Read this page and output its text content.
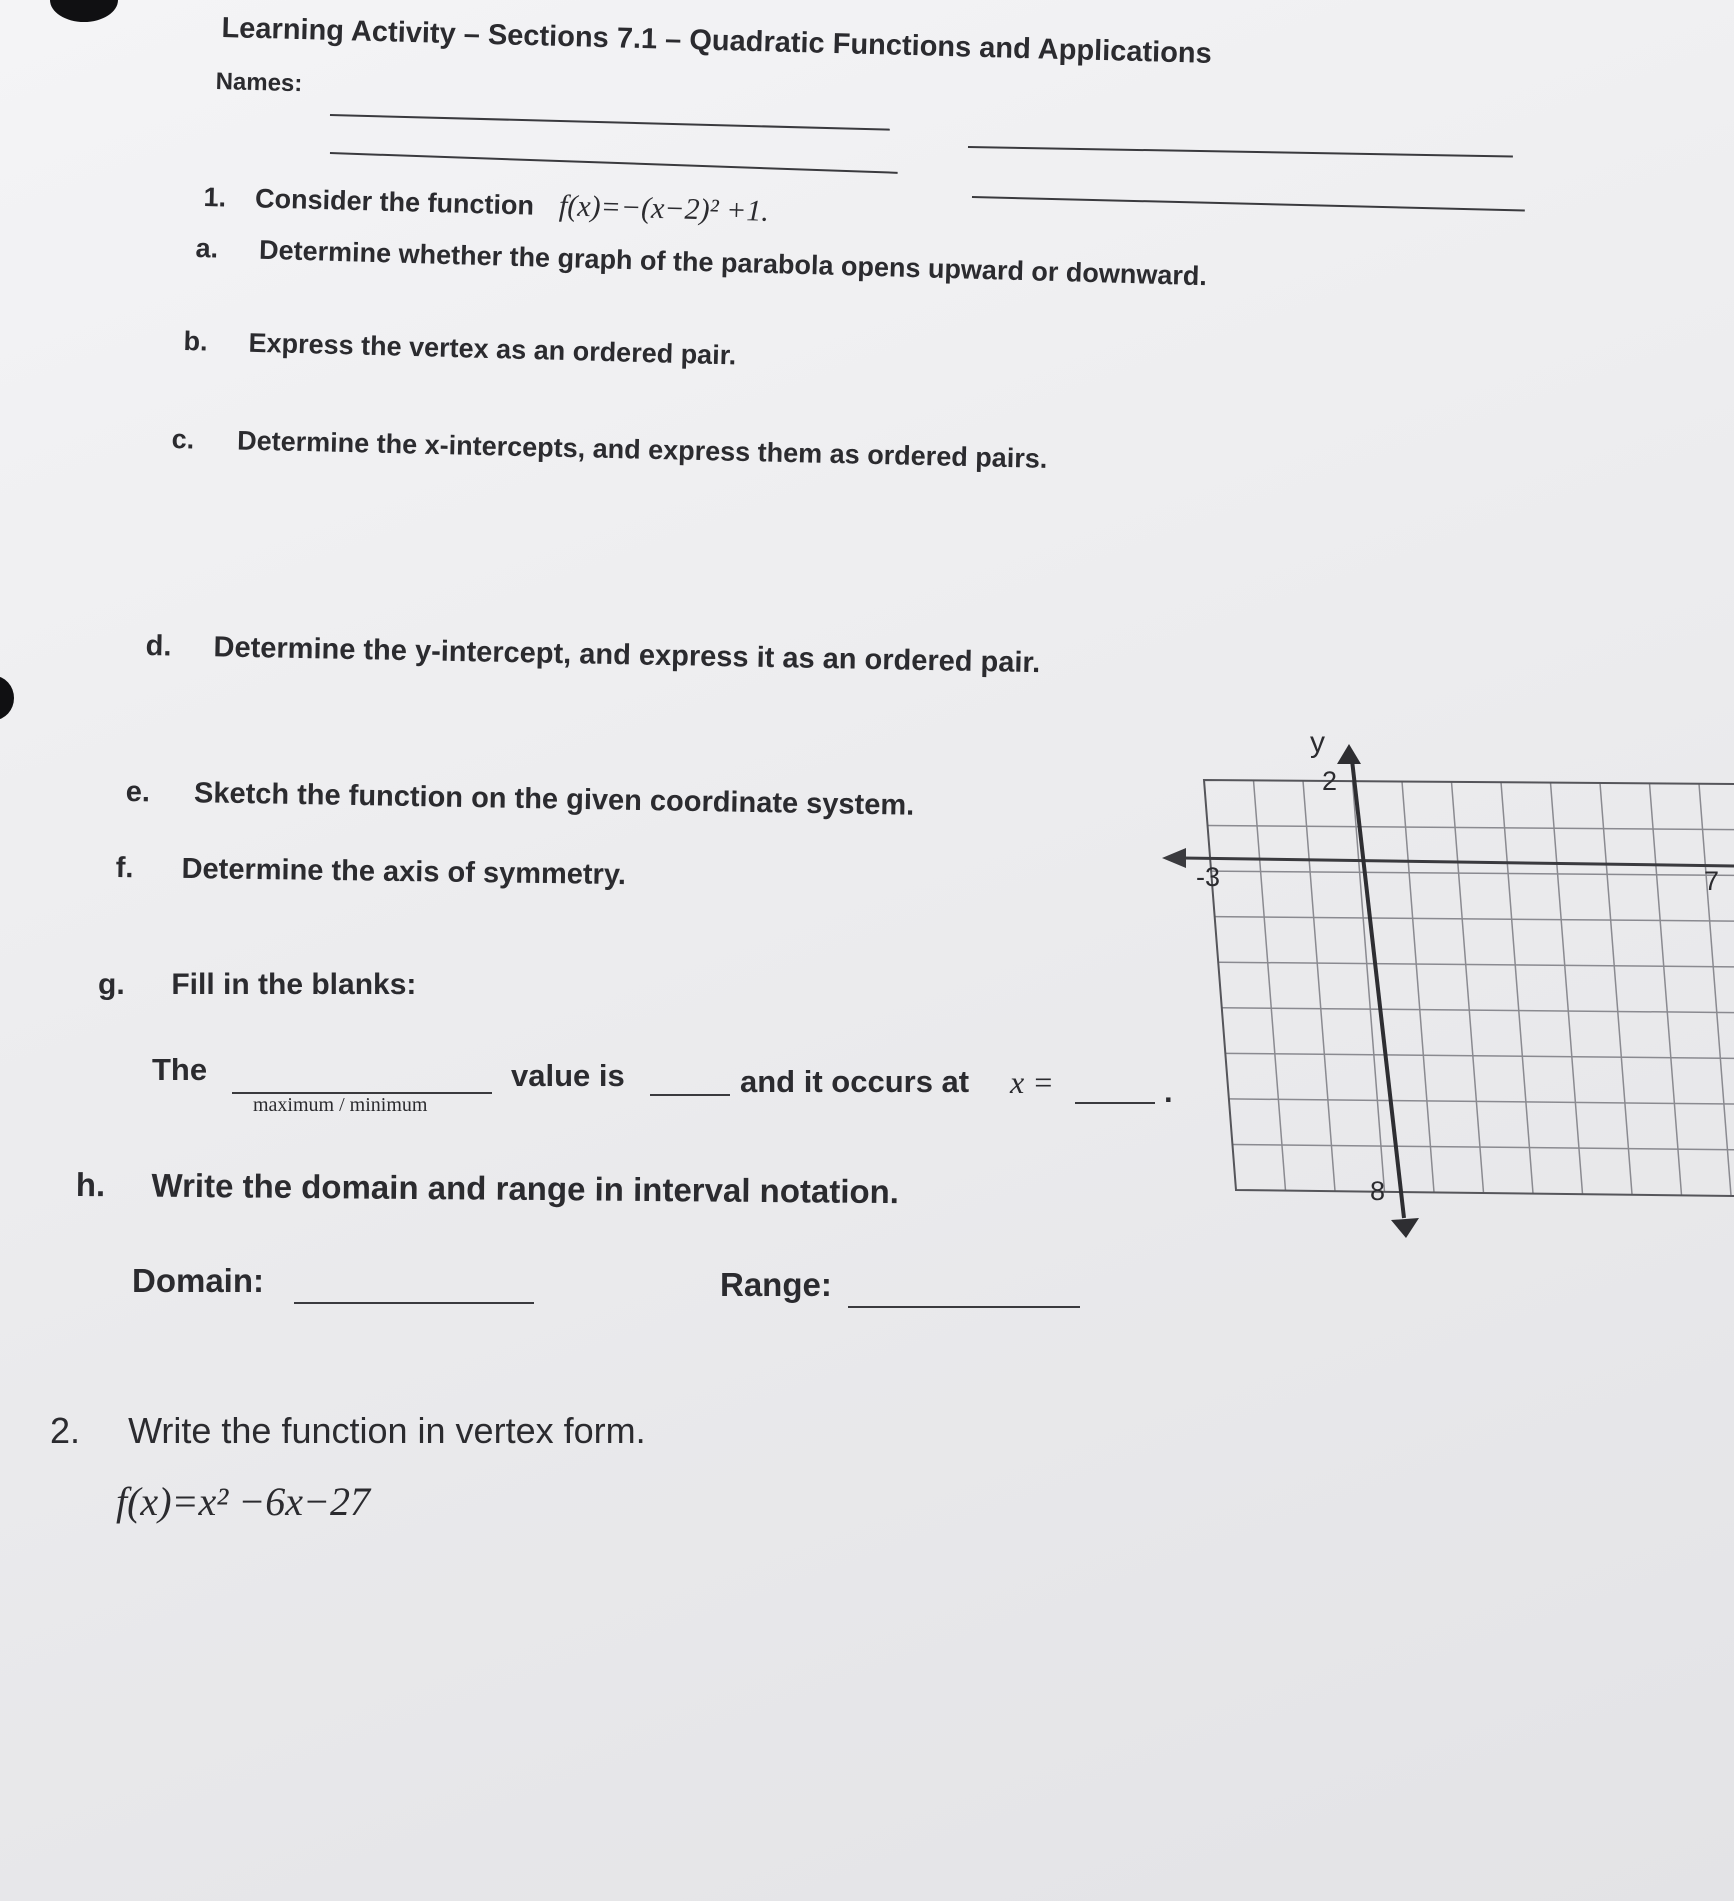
Learning Activity – Sections 7.1 – Quadratic Functions and Applications
Names:
1. Consider the function f(x)=−(x−2)² +1.
a. Determine whether the graph of the parabola opens upward or downward.
b. Express the vertex as an ordered pair.
c. Determine the x-intercepts, and express them as ordered pairs.
d. Determine the y-intercept, and express it as an ordered pair.
e. Sketch the function on the given coordinate system.
f. Determine the axis of symmetry.
g. Fill in the blanks:
The
maximum / minimum
value is	and it occurs at x =	.
h. Write the domain and range in interval notation.
Domain:	Range:
2. Write the function in vertex form.
f(x)=x² −6x−27
y
2
-3	7
8
